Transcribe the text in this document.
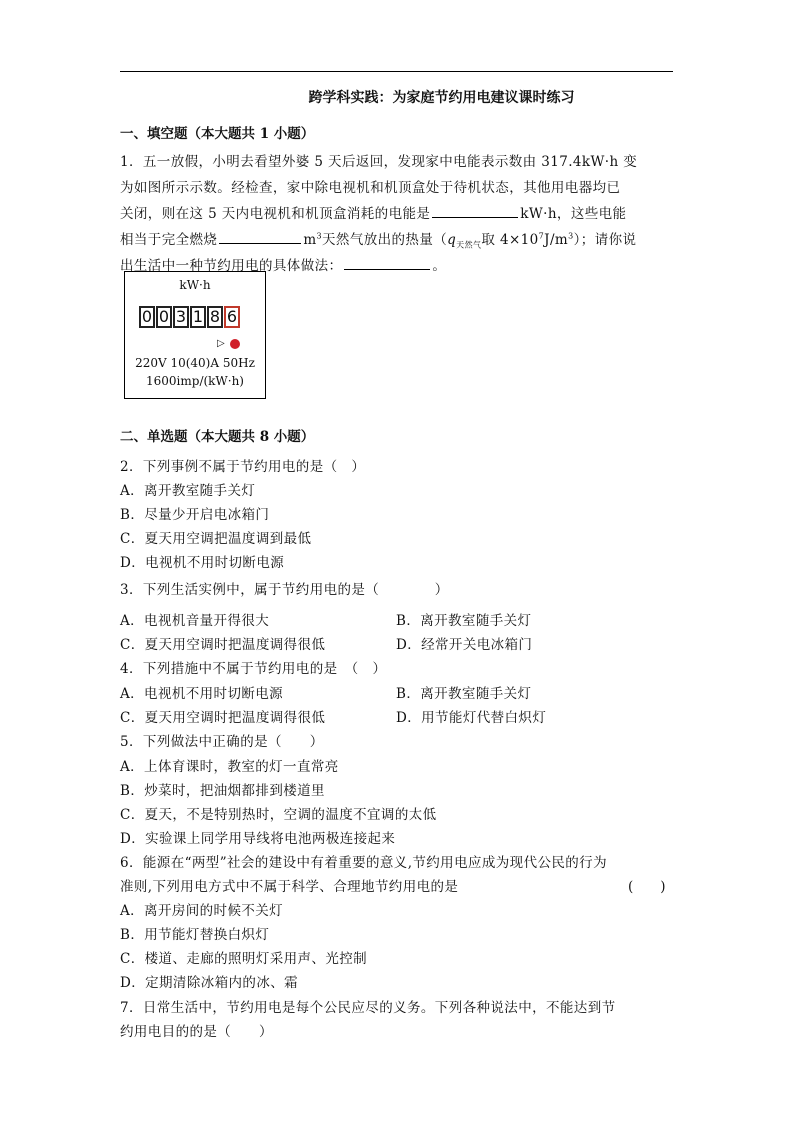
跨学科实践：为家庭节约用电建议课时练习
一、填空题（本大题共 1 小题）
1．五一放假，小明去看望外婆 5 天后返回，发现家中电能表示数由 317.4kW·h 变
为如图所示示数。经检查，家中除电视机和机顶盒处于待机状态，其他用电器均已
关闭，则在这 5 天内电视机和机顶盒消耗的电能是	kW·h，这些电能
相当于完全燃烧	$m^3$天然气放出的热量（$q_{天然气}$取 $4\times 10^7J/m^3$）；请你说
出生活中一种节约用电的具体做法：	。
kW·h
0 0 3 1 8 6
▷
220V 10(40)A 50Hz
1600imp/(kW·h)
二、单选题（本大题共 8 小题）
2．下列事例不属于节约用电的是（　）
A．离开教室随手关灯
B．尽量少开启电冰箱门
C．夏天用空调把温度调到最低
D．电视机不用时切断电源
3．下列生活实例中，属于节约用电的是（　　　　）
A．电视机音量开得很大	B．离开教室随手关灯
C．夏天用空调时把温度调得很低	D．经常开关电冰箱门
4．下列措施中不属于节约用电的是　（　）
A．电视机不用时切断电源	B．离开教室随手关灯
C．夏天用空调时把温度调得很低	D．用节能灯代替白炽灯
5．下列做法中正确的是（　　）
A．上体育课时，教室的灯一直常亮
B．炒菜时，把油烟都排到楼道里
C．夏天，不是特别热时，空调的温度不宜调的太低
D．实验课上同学用导线将电池两极连接起来
6．能源在“两型”社会的建设中有着重要的意义,节约用电应成为现代公民的行为
准则,下列用电方式中不属于科学、合理地节约用电的是	(　　)
A．离开房间的时候不关灯
B．用节能灯替换白炽灯
C．楼道、走廊的照明灯采用声、光控制
D．定期清除冰箱内的冰、霜
7．日常生活中，节约用电是每个公民应尽的义务。下列各种说法中，不能达到节
约用电目的的是（　　）
